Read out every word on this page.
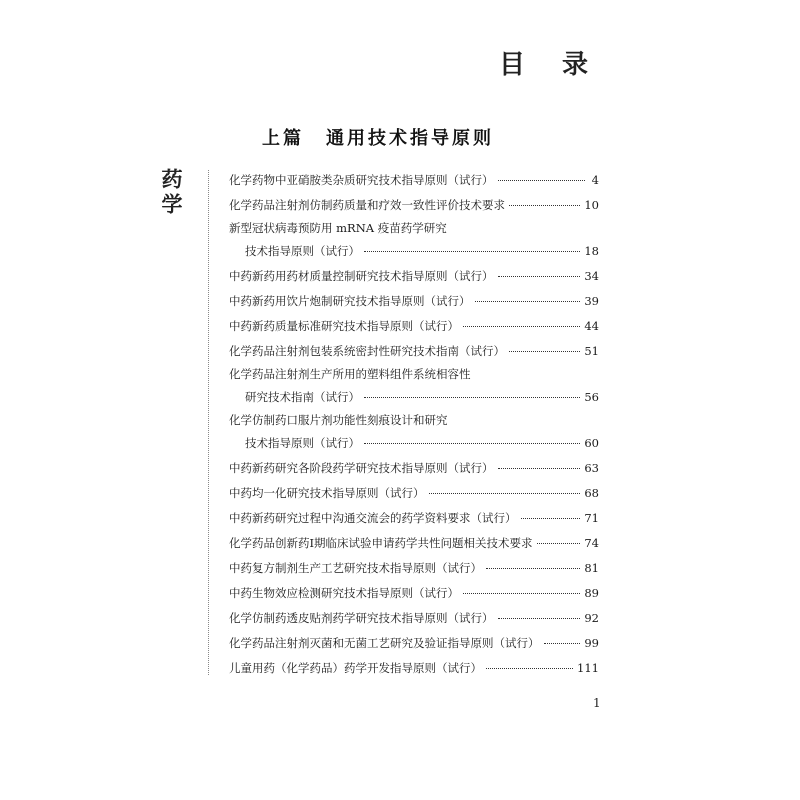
目 录
上篇 通用技术指导原则
药学	化学药物中亚硝胺类杂质研究技术指导原则（试行）	4
化学药品注射剂仿制药质量和疗效一致性评价技术要求	10
新型冠状病毒预防用 mRNA 疫苗药学研究
技术指导原则（试行）	18
中药新药用药材质量控制研究技术指导原则（试行）	34
中药新药用饮片炮制研究技术指导原则（试行）	39
中药新药质量标准研究技术指导原则（试行）	44
化学药品注射剂包装系统密封性研究技术指南（试行）	51
化学药品注射剂生产所用的塑料组件系统相容性
研究技术指南（试行）	56
化学仿制药口服片剂功能性刻痕设计和研究
技术指导原则（试行）	60
中药新药研究各阶段药学研究技术指导原则（试行）	63
中药均一化研究技术指导原则（试行）	68
中药新药研究过程中沟通交流会的药学资料要求（试行）	71
化学药品创新药Ⅰ期临床试验申请药学共性问题相关技术要求	74
中药复方制剂生产工艺研究技术指导原则（试行）	81
中药生物效应检测研究技术指导原则（试行）	89
化学仿制药透皮贴剂药学研究技术指导原则（试行）	92
化学药品注射剂灭菌和无菌工艺研究及验证指导原则（试行）	99
儿童用药（化学药品）药学开发指导原则（试行）	111
1
